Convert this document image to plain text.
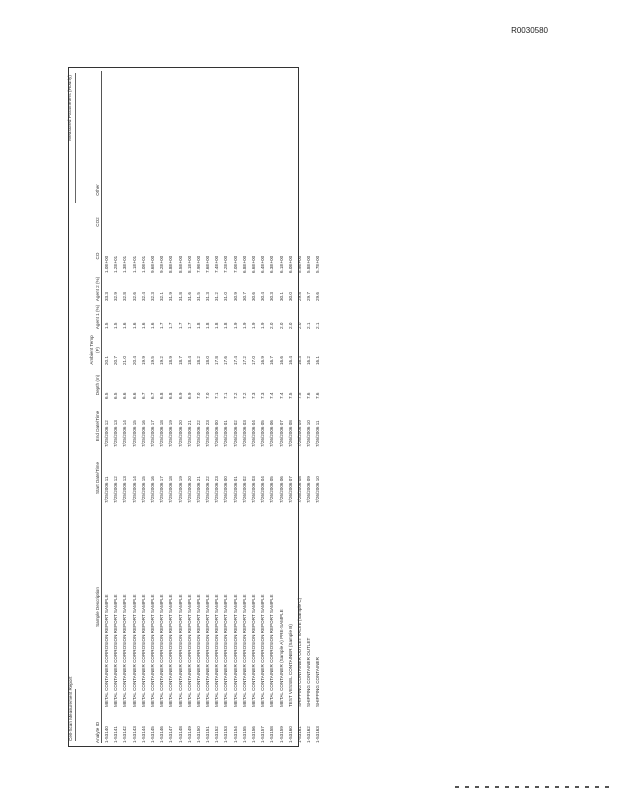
R0030580
Cell-Scan Measurement Report
Measured Parameters (Hourly)
Analyte ID
Sample Description
Start Date/Time
End Date/Time
Depth (m)
Ambient Temp (F)
Agent 1 (%)
Agent 2 (%)
CO
CO2
Other
1-53140
METAL CONTAINER CORROSION REPORT SAMPLE
7/25/2006 11
7/25/2006 12
6.5
20.1
1.5
33.3
1.0E+00
1-53141
METAL CONTAINER CORROSION REPORT SAMPLE
7/25/2006 12
7/25/2006 13
6.5
20.7
1.5
32.9
1.2E+01
1-53142
METAL CONTAINER CORROSION REPORT SAMPLE
7/25/2006 13
7/25/2006 14
6.6
21.0
1.6
32.8
1.3E+01
1-53143
METAL CONTAINER CORROSION REPORT SAMPLE
7/25/2006 14
7/25/2006 15
6.6
20.4
1.6
32.6
1.1E+01
1-53144
METAL CONTAINER CORROSION REPORT SAMPLE
7/25/2006 15
7/25/2006 16
6.7
19.9
1.6
32.4
1.0E+01
1-53145
METAL CONTAINER CORROSION REPORT SAMPLE
7/25/2006 16
7/25/2006 17
6.7
19.5
1.6
32.3
9.6E+00
1-53146
METAL CONTAINER CORROSION REPORT SAMPLE
7/25/2006 17
7/25/2006 18
6.8
19.2
1.7
32.1
9.2E+00
1-53147
METAL CONTAINER CORROSION REPORT SAMPLE
7/25/2006 18
7/25/2006 19
6.8
18.9
1.7
31.9
8.8E+00
1-53148
METAL CONTAINER CORROSION REPORT SAMPLE
7/25/2006 19
7/25/2006 20
6.9
18.7
1.7
31.8
8.5E+00
1-53149
METAL CONTAINER CORROSION REPORT SAMPLE
7/25/2006 20
7/25/2006 21
6.9
18.4
1.7
31.6
8.1E+00
1-53150
METAL CONTAINER CORROSION REPORT SAMPLE
7/25/2006 21
7/25/2006 22
7.0
18.2
1.8
31.5
7.9E+00
1-53151
METAL CONTAINER CORROSION REPORT SAMPLE
7/25/2006 22
7/25/2006 23
7.0
18.0
1.8
31.3
7.6E+00
1-53152
METAL CONTAINER CORROSION REPORT SAMPLE
7/25/2006 23
7/26/2006 00
7.1
17.8
1.8
31.2
7.4E+00
1-53153
METAL CONTAINER CORROSION REPORT SAMPLE
7/26/2006 00
7/26/2006 01
7.1
17.6
1.8
31.0
7.2E+00
1-53154
METAL CONTAINER CORROSION REPORT SAMPLE
7/26/2006 01
7/26/2006 02
7.2
17.4
1.9
30.9
7.0E+00
1-53155
METAL CONTAINER CORROSION REPORT SAMPLE
7/26/2006 02
7/26/2006 03
7.2
17.2
1.9
30.7
6.8E+00
1-53156
METAL CONTAINER CORROSION REPORT SAMPLE
7/26/2006 03
7/26/2006 04
7.3
17.0
1.9
30.6
6.6E+00
1-53157
METAL CONTAINER CORROSION REPORT SAMPLE
7/26/2006 04
7/26/2006 05
7.3
16.9
1.9
30.4
6.4E+00
1-53158
METAL CONTAINER CORROSION REPORT SAMPLE
7/26/2006 05
7/26/2006 06
7.4
16.7
2.0
30.3
6.3E+00
1-53159
METAL CONTAINER (Sample A) PRE-SAMPLE
7/26/2006 06
7/26/2006 07
7.4
16.6
2.0
30.1
6.1E+00
1-53160
TEST VESSEL CONTAINER (Sample B)
7/26/2006 07
7/26/2006 08
7.5
16.4
2.0
30.0
6.0E+00
1-53161
SHIPPING CONTAINER OUTLET VALVE (Sample C)
7/26/2006 08
7/26/2006 09
7.5
16.3
2.0
29.8
5.9E+00
1-53162
SHIPPING CONTAINER OUTLET
7/26/2006 09
7/26/2006 10
7.6
16.2
2.1
29.7
5.8E+00
1-53163
SHIPPING CONTAINER
7/26/2006 10
7/26/2006 11
7.6
16.1
2.1
29.6
5.7E+00
